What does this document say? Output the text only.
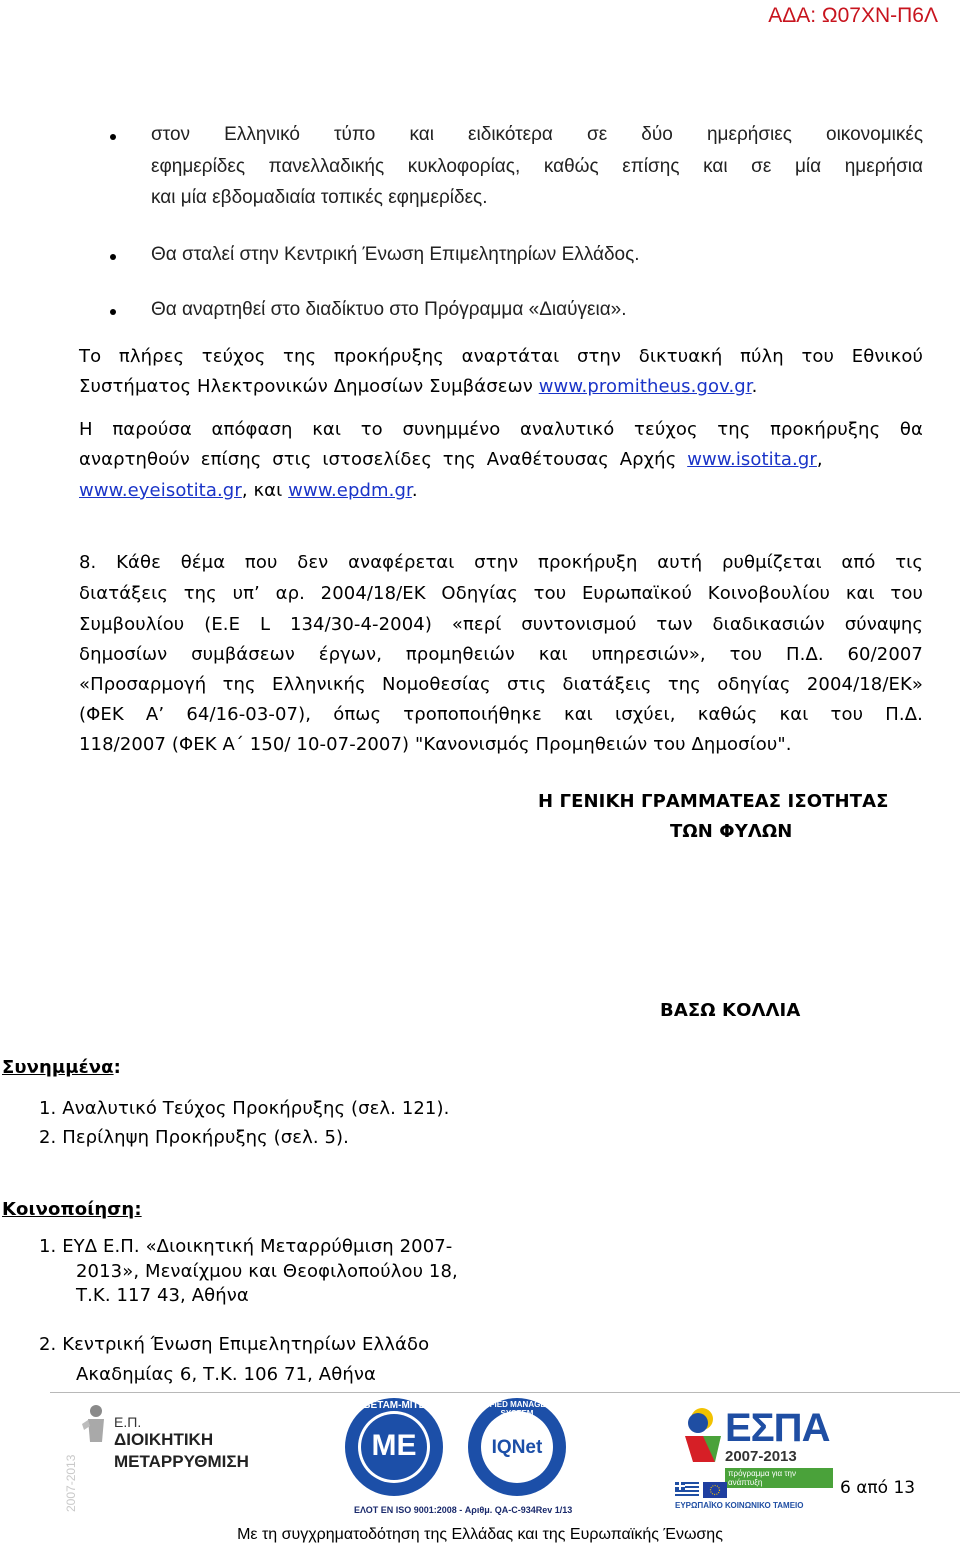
ΑΔΑ: Ω07ΧΝ-Π6Λ
στον Ελληνικό τύπο και ειδικότερα σε δύο ημερήσιες οικονομικές
εφημερίδες πανελλαδικής κυκλοφορίας, καθώς επίσης και σε μία ημερήσια
και μία εβδομαδιαία τοπικές εφημερίδες.
Θα σταλεί στην Κεντρική Ένωση Επιμελητηρίων Ελλάδος.
Θα αναρτηθεί στο διαδίκτυο στο Πρόγραμμα «Διαύγεια».
Το πλήρες τεύχος της προκήρυξης αναρτάται στην δικτυακή πύλη του Εθνικού
Συστήματος Ηλεκτρονικών Δημοσίων Συμβάσεων www.promitheus.gov.gr.
Η παρούσα απόφαση και το συνημμένο αναλυτικό τεύχος της προκήρυξης θα
αναρτηθούν επίσης στις ιστοσελίδες της Αναθέτουσας Αρχής www.isotita.gr,
www.eyeisotita.gr, και www.epdm.gr.
8. Κάθε θέμα που δεν αναφέρεται στην προκήρυξη αυτή ρυθμίζεται από τις
διατάξεις της υπ’ αρ. 2004/18/ΕΚ Οδηγίας του Ευρωπαϊκού Κοινοβουλίου και του
Συμβουλίου (Ε.Ε L 134/30-4-2004) «περί συντονισμού των διαδικασιών σύναψης
δημοσίων συμβάσεων έργων, προμηθειών και υπηρεσιών», του Π.Δ. 60/2007
«Προσαρμογή της Ελληνικής Νομοθεσίας στις διατάξεις της οδηγίας 2004/18/ΕΚ»
(ΦΕΚ Α’ 64/16-03-07), όπως τροποποιήθηκε και ισχύει, καθώς και του Π.Δ.
118/2007 (ΦΕΚ Α΄ 150/ 10-07-2007) "Κανονισμός Προμηθειών του Δημοσίου".
Η ΓΕΝΙΚΗ ΓΡΑΜΜΑΤΕΑΣ ΙΣΟΤΗΤΑΣ
ΤΩΝ ΦΥΛΩΝ
ΒΑΣΩ ΚΟΛΛΙΑ
Συνημμένα:
1. Αναλυτικό Τεύχος Προκήρυξης (σελ. 121).
2. Περίληψη Προκήρυξης (σελ. 5).
Κοινοποίηση:
1. ΕΥΔ Ε.Π. «Διοικητική Μεταρρύθμιση 2007-
2013», Μεναίχμου και Θεοφιλοπούλου 18,
Τ.Κ. 117 43, Αθήνα
2. Κεντρική Ένωση Επιμελητηρίων Ελλάδο
Ακαδημίας 6, Τ.Κ. 106 71, Αθήνα
2007-2013
Ε.Π.
ΔΙΟΙΚΗΤΙΚΗ

ΜΕΤΑΡΡΥΘΜΙΣΗ
ΕΒΕΤΑΜ-ΜΙΤΕΣ
ME
CERTIFIED MANAGEMENT SYSTEM
IQNet
ΕΛΟΤ ΕΝ ISO 9001:2008 - Αριθμ. QA-C-934Rev 1/13
ΕΣΠΑ
2007-2013
πρόγραμμα για την ανάπτυξη
ΕΥΡΩΠΑΪΚΟ ΚΟΙΝΩΝΙΚΟ ΤΑΜΕΙΟ
6 από 13
Με τη συγχρηματοδότηση της Ελλάδας και της Ευρωπαϊκής Ένωσης
